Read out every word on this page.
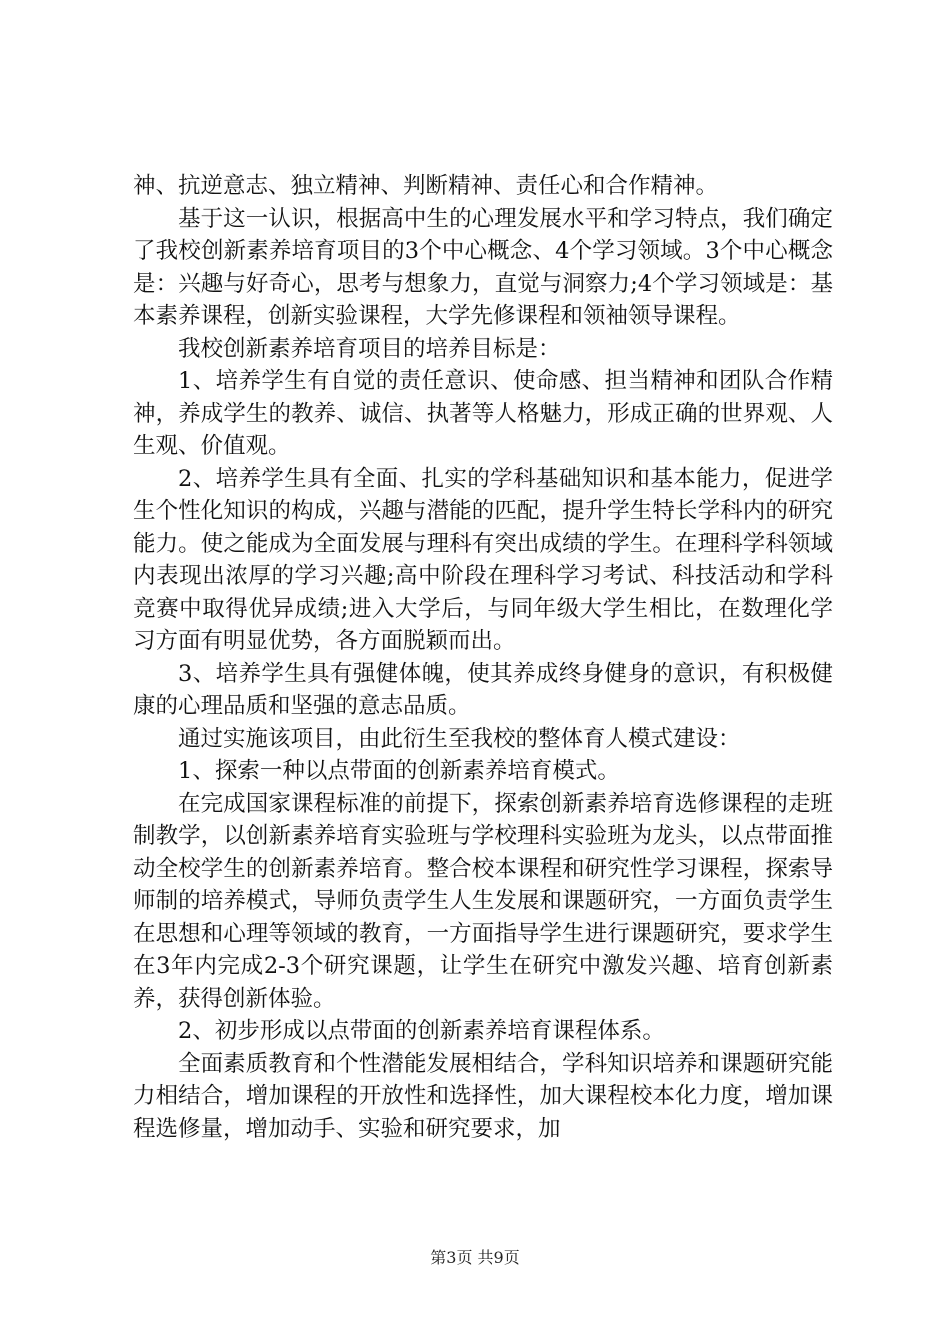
神、抗逆意志、独立精神、判断精神、责任心和合作精神。

基于这一认识，根据高中生的心理发展水平和学习特点，我们确定了我校创新素养培育项目的3个中心概念、4个学习领域。3个中心概念是：兴趣与好奇心，思考与想象力，直觉与洞察力;4个学习领域是：基本素养课程，创新实验课程，大学先修课程和领袖领导课程。

我校创新素养培育项目的培养目标是：

1、培养学生有自觉的责任意识、使命感、担当精神和团队合作精神，养成学生的教养、诚信、执著等人格魅力，形成正确的世界观、人生观、价值观。

2、培养学生具有全面、扎实的学科基础知识和基本能力，促进学生个性化知识的构成，兴趣与潜能的匹配，提升学生特长学科内的研究能力。使之能成为全面发展与理科有突出成绩的学生。在理科学科领域内表现出浓厚的学习兴趣;高中阶段在理科学习考试、科技活动和学科竞赛中取得优异成绩;进入大学后，与同年级大学生相比，在数理化学习方面有明显优势，各方面脱颖而出。

3、培养学生具有强健体魄，使其养成终身健身的意识，有积极健康的心理品质和坚强的意志品质。

通过实施该项目，由此衍生至我校的整体育人模式建设：

1、探索一种以点带面的创新素养培育模式。

在完成国家课程标准的前提下，探索创新素养培育选修课程的走班制教学，以创新素养培育实验班与学校理科实验班为龙头，以点带面推动全校学生的创新素养培育。整合校本课程和研究性学习课程，探索导师制的培养模式，导师负责学生人生发展和课题研究，一方面负责学生在思想和心理等领域的教育，一方面指导学生进行课题研究，要求学生在3年内完成2-3个研究课题，让学生在研究中激发兴趣、培育创新素养，获得创新体验。

2、初步形成以点带面的创新素养培育课程体系。

全面素质教育和个性潜能发展相结合，学科知识培养和课题研究能力相结合，增加课程的开放性和选择性，加大课程校本化力度，增加课程选修量，增加动手、实验和研究要求，加

第3页 共9页
